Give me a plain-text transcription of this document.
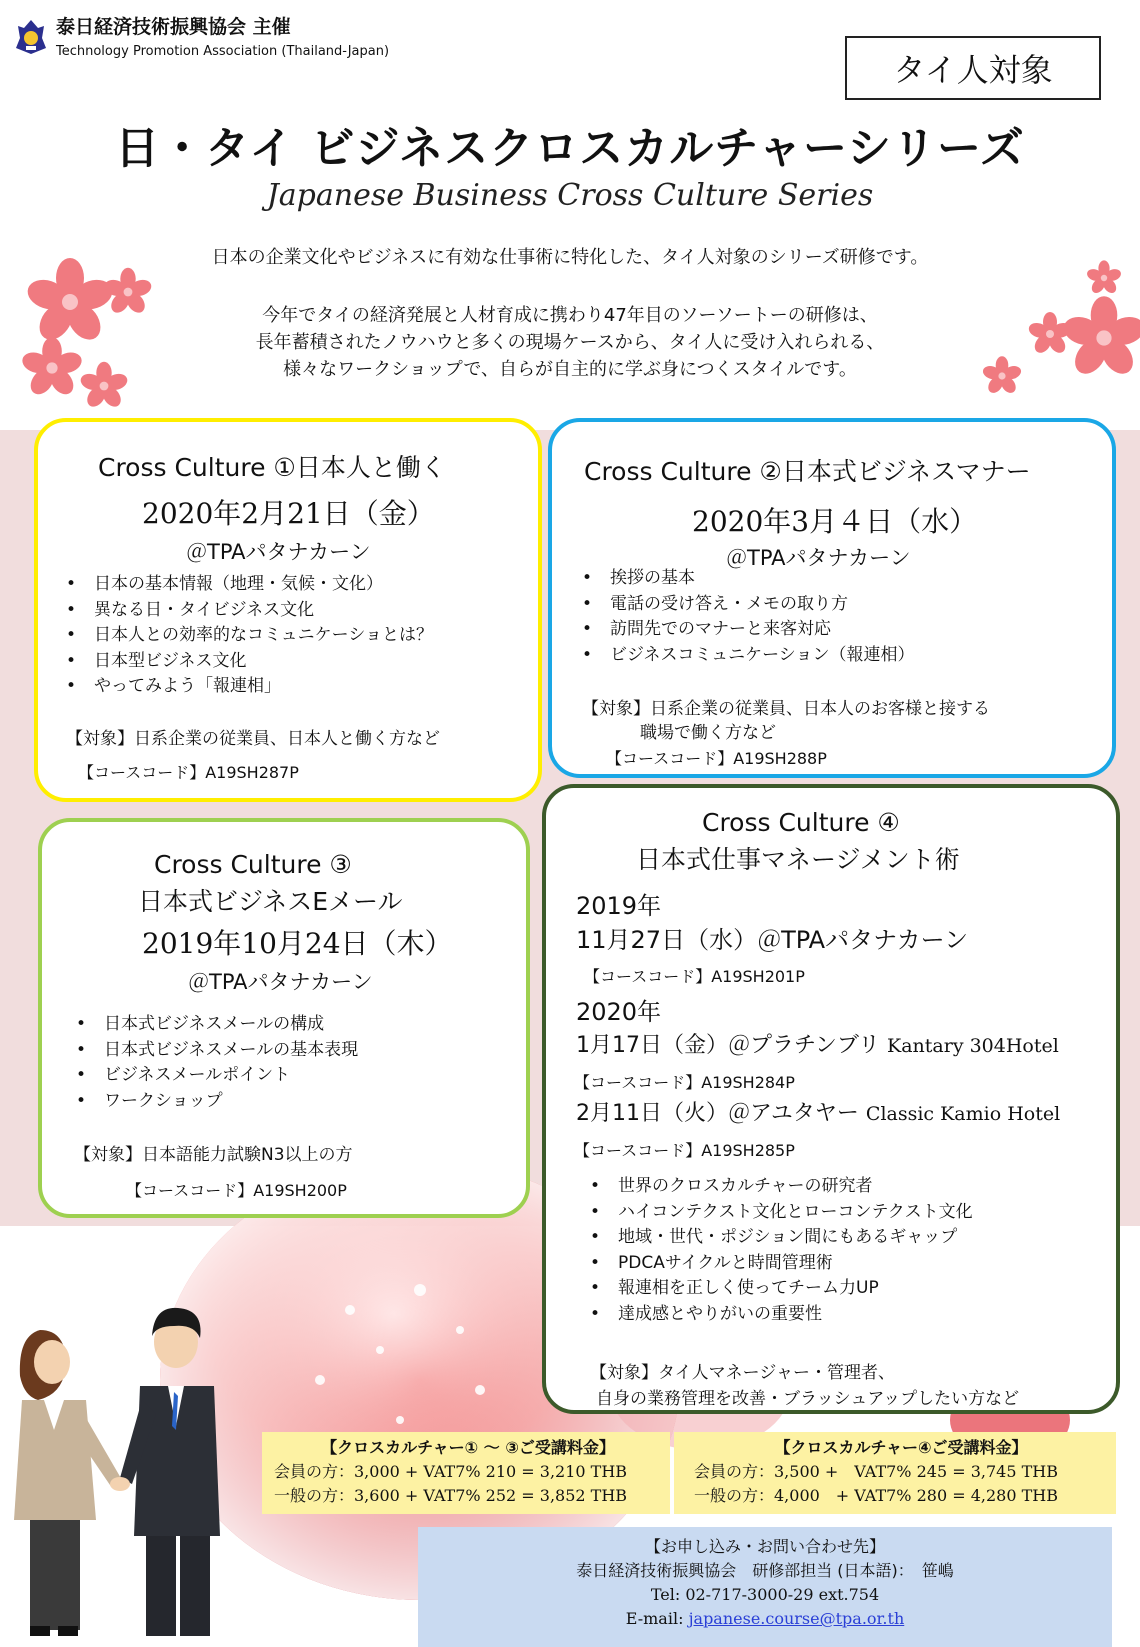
泰日経済技術振興協会 主催
Technology Promotion Association (Thailand-Japan)	タイ人対象
日・タイ ビジネスクロスカルチャーシリーズ
Japanese Business Cross Culture Series
日本の企業文化やビジネスに有効な仕事術に特化した、タイ人対象のシリーズ研修です。
今年でタイの経済発展と人材育成に携わり47年目のソーソートーの研修は、
長年蓄積されたノウハウと多くの現場ケースから、タイ人に受け入れられる、
様々なワークショップで、自らが自主的に学ぶ身につくスタイルです。
Cross Culture ①日本人と働く
2020年2月21日（金）
＠TPAパタナカーン
• 日本の基本情報（地理・気候・文化）
• 異なる日・タイビジネス文化
• 日本人との効率的なコミュニケーショとは？
• 日本型ビジネス文化
• やってみよう「報連相」
【対象】日系企業の従業員、日本人と働く方など
【コースコード】A19SH287P
Cross Culture ②日本式ビジネスマナー
2020年3月４日（水）
＠TPAパタナカーン
• 挨拶の基本
• 電話の受け答え・メモの取り方
• 訪問先でのマナーと来客対応
• ビジネスコミュニケーション（報連相）
【対象】日系企業の従業員、日本人のお客様と接する
職場で働く方など
【コースコード】A19SH288P
Cross Culture ③
日本式ビジネスEメール
2019年10月24日（木）
＠TPAパタナカーン
• 日本式ビジネスメールの構成
• 日本式ビジネスメールの基本表現
• ビジネスメールポイント
• ワークショップ
【対象】日本語能力試験N3以上の方
【コースコード】A19SH200P
Cross Culture ④
日本式仕事マネージメント術
2019年
11月27日（水）＠TPAパタナカーン
【コースコード】A19SH201P
2020年
1月17日（金）＠プラチンブリ Kantary 304Hotel
【コースコード】A19SH284P
2月11日（火）＠アユタヤー Classic Kamio Hotel
【コースコード】A19SH285P
• 世界のクロスカルチャーの研究者
• ハイコンテクスト文化とローコンテクスト文化
• 地域・世代・ポジション間にもあるギャップ
• PDCAサイクルと時間管理術
• 報連相を正しく使ってチーム力UP
• 達成感とやりがいの重要性
【対象】タイ人マネージャー・管理者、
自身の業務管理を改善・ブラッシュアップしたい方など
【クロスカルチャー① ～ ③ご受講料金】
会員の方：3,000 + VAT7% 210 = 3,210 THB
一般の方：3,600 + VAT7% 252 = 3,852 THB
【クロスカルチャー④ご受講料金】
会員の方：3,500 +　VAT7% 245 = 3,745 THB
一般の方：4,000　+ VAT7% 280 = 4,280 THB
【お申し込み・お問い合わせ先】
泰日経済技術振興協会　研修部担当 (日本語)：　笹嶋
Tel: 02-717-3000-29 ext.754
E-mail: japanese.course@tpa.or.th
